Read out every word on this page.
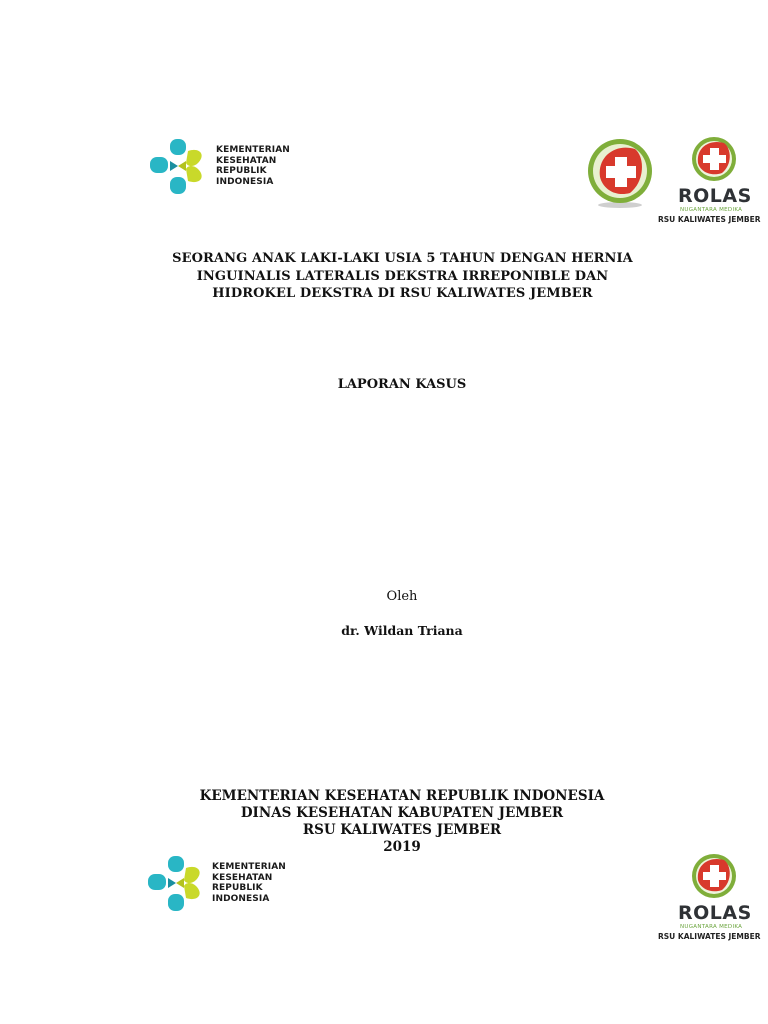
KEMENTERIAN
KESEHATAN
REPUBLIK
INDONESIA
ROLAS
NUGANTARA MEDIKA
RSU KALIWATES JEMBER
SEORANG ANAK LAKI-LAKI USIA 5 TAHUN DENGAN HERNIA
INGUINALIS LATERALIS DEKSTRA IRREPONIBLE DAN
HIDROKEL DEKSTRA DI RSU KALIWATES JEMBER
LAPORAN KASUS
Oleh
dr. Wildan Triana
KEMENTERIAN KESEHATAN REPUBLIK INDONESIA
DINAS KESEHATAN KABUPATEN JEMBER
RSU KALIWATES JEMBER
2019
KEMENTERIAN
KESEHATAN
REPUBLIK
INDONESIA
ROLAS
NUGANTARA MEDIKA
RSU KALIWATES JEMBER
